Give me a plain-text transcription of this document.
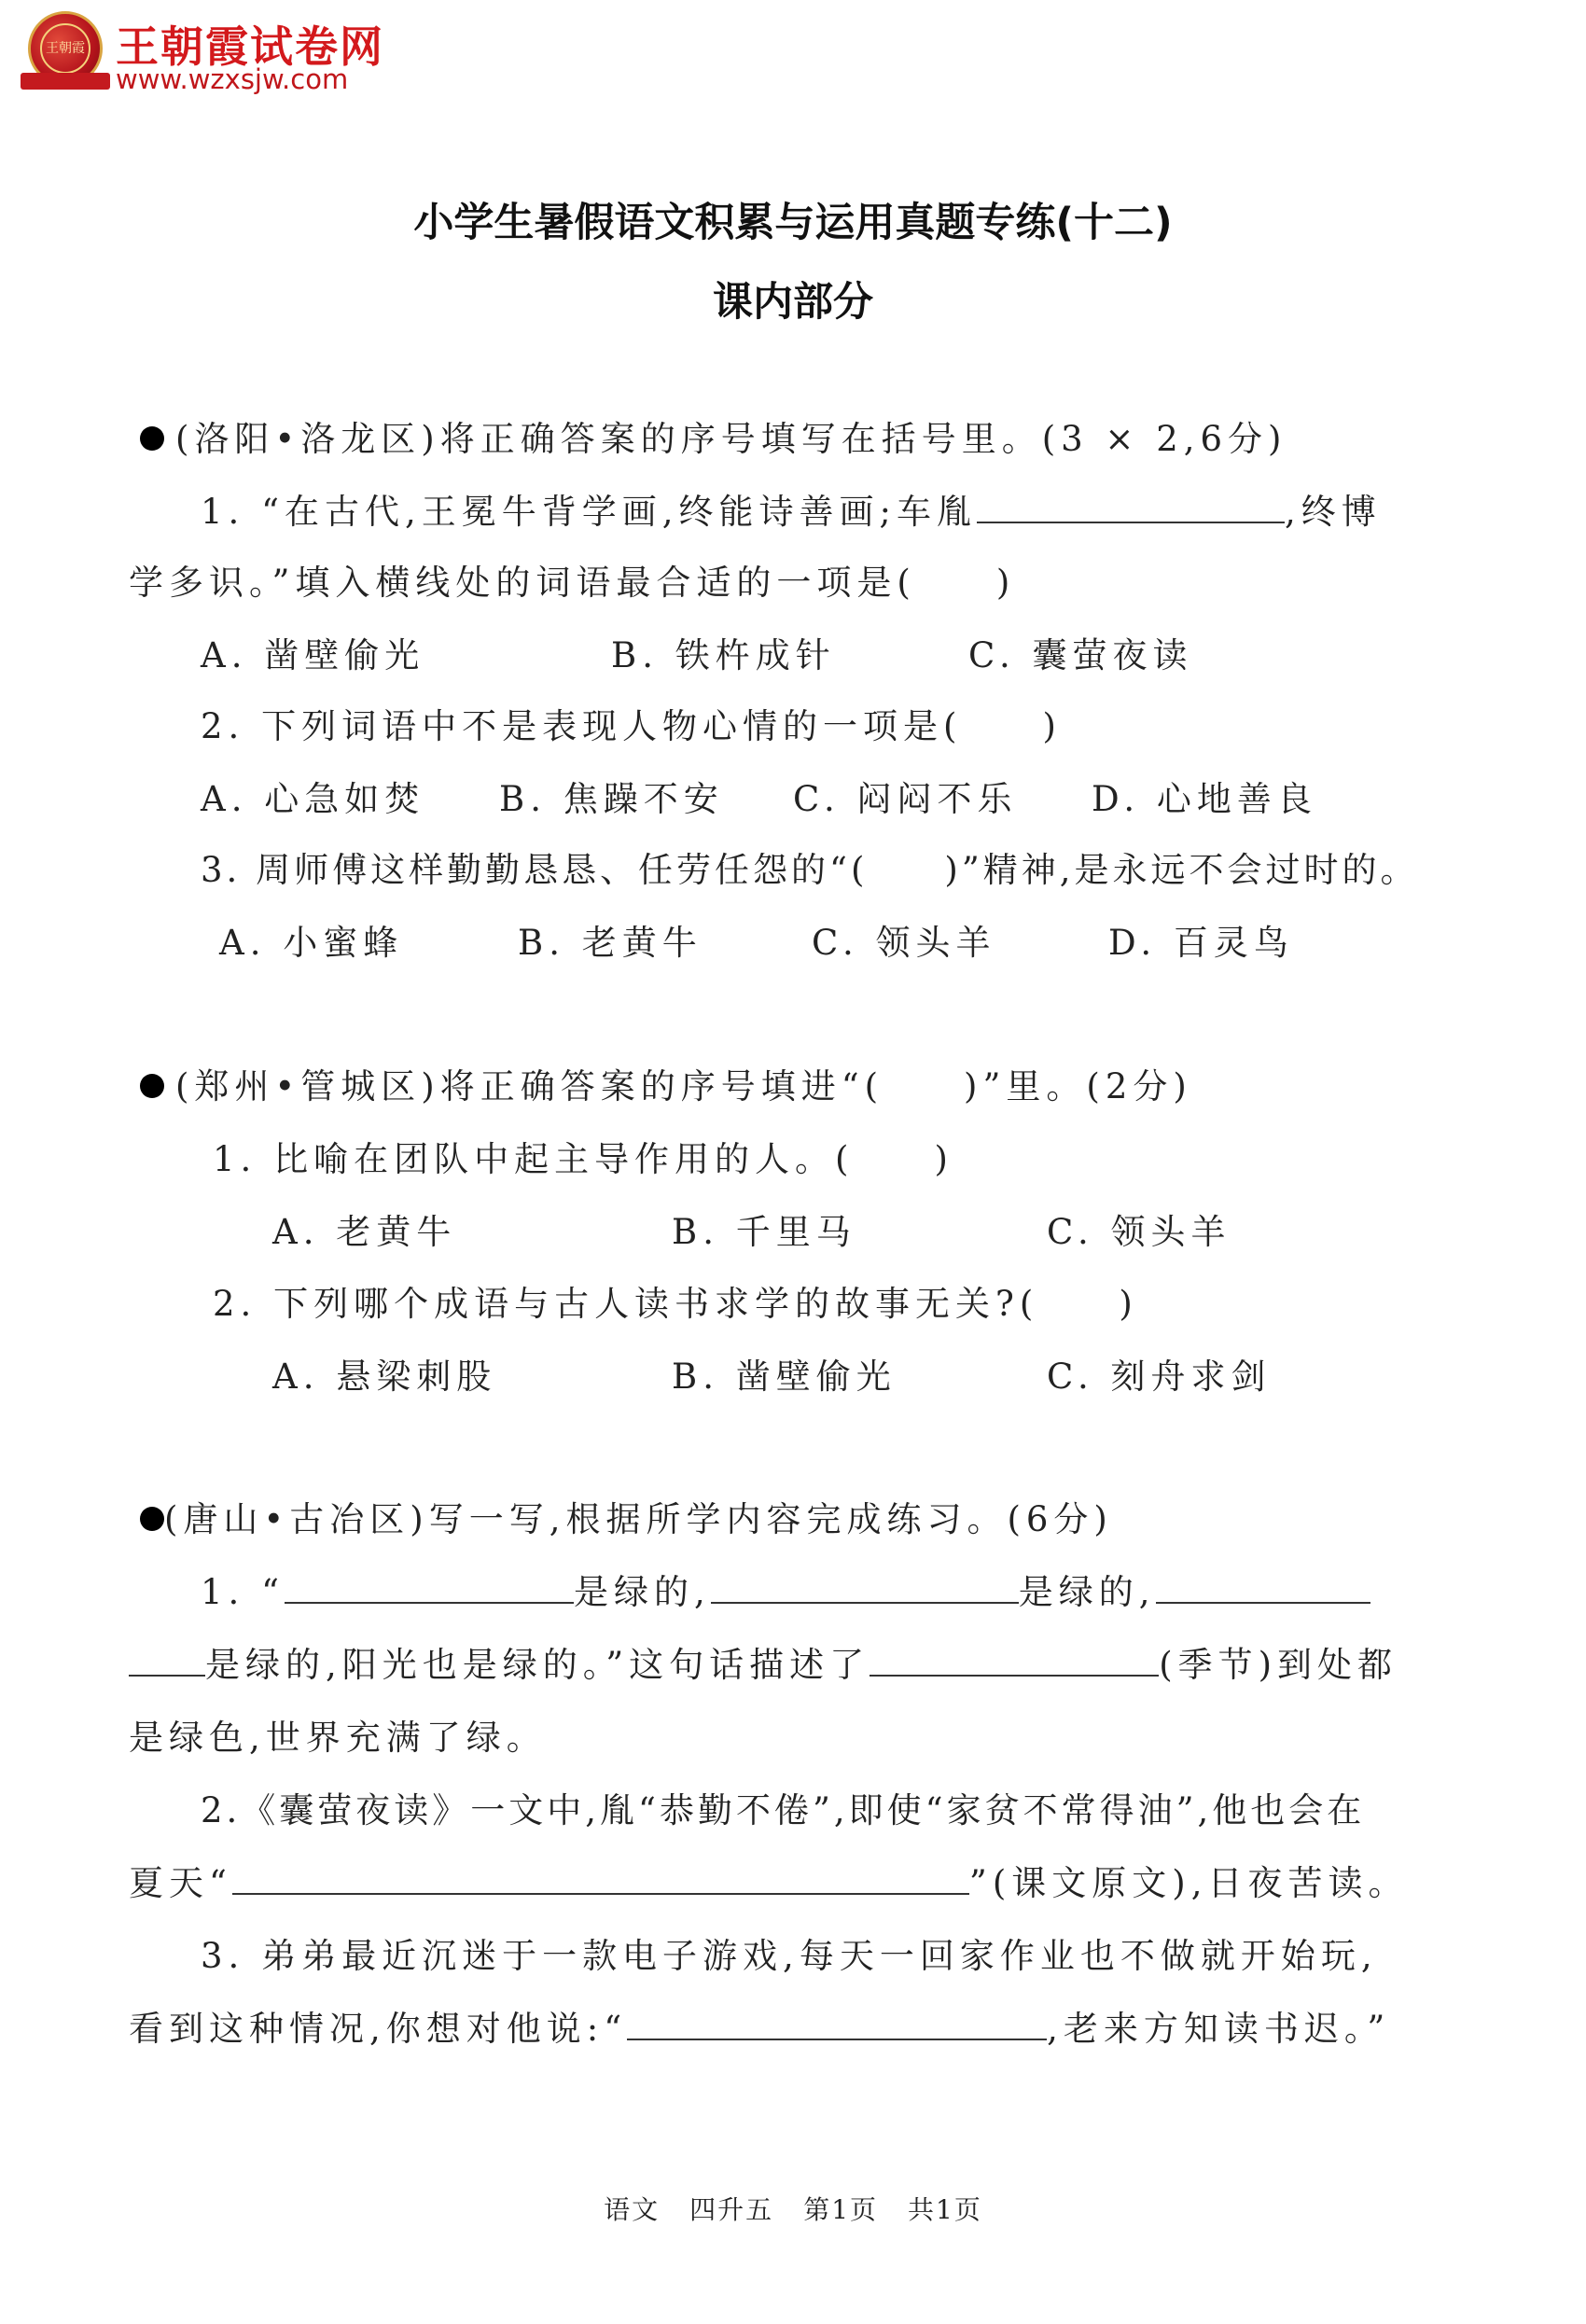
王朝霞 王朝霞试卷网
www.wzxsjw.com
小学生暑假语文积累与运用真题专练(十二)
课内部分
(洛阳•洛龙区)将正确答案的序号填写在括号里。(3 × 2,6分)
1. “在古代,王冕牛背学画,终能诗善画;车胤	,终博
学多识。”填入横线处的词语最合适的一项是(　　)
A. 凿壁偷光	B. 铁杵成针	C. 囊萤夜读
2. 下列词语中不是表现人物心情的一项是(　　)
A. 心急如焚 B. 焦躁不安 C. 闷闷不乐 D. 心地善良
3. 周师傅这样勤勤恳恳、任劳任怨的“(　　)”精神,是永远不会过时的。
A. 小蜜蜂	B. 老黄牛	C. 领头羊	D. 百灵鸟
(郑州•管城区)将正确答案的序号填进“(　　)”里。(2分)
1. 比喻在团队中起主导作用的人。(　　)
A. 老黄牛	B. 千里马	C. 领头羊
2. 下列哪个成语与古人读书求学的故事无关?(　　)
A. 悬梁刺股	B. 凿壁偷光	C. 刻舟求剑
(唐山•古冶区)写一写,根据所学内容完成练习。(6分)
1. “	是绿的,	是绿的,
是绿的,阳光也是绿的。”这句话描述了	(季节)到处都
是绿色,世界充满了绿。
2.《囊萤夜读》一文中,胤“恭勤不倦”,即使“家贫不常得油”,他也会在
夏天“	”(课文原文),日夜苦读。
3. 弟弟最近沉迷于一款电子游戏,每天一回家作业也不做就开始玩,
看到这种情况,你想对他说:“	,老来方知读书迟。”
语文 四升五 第1页 共1页
